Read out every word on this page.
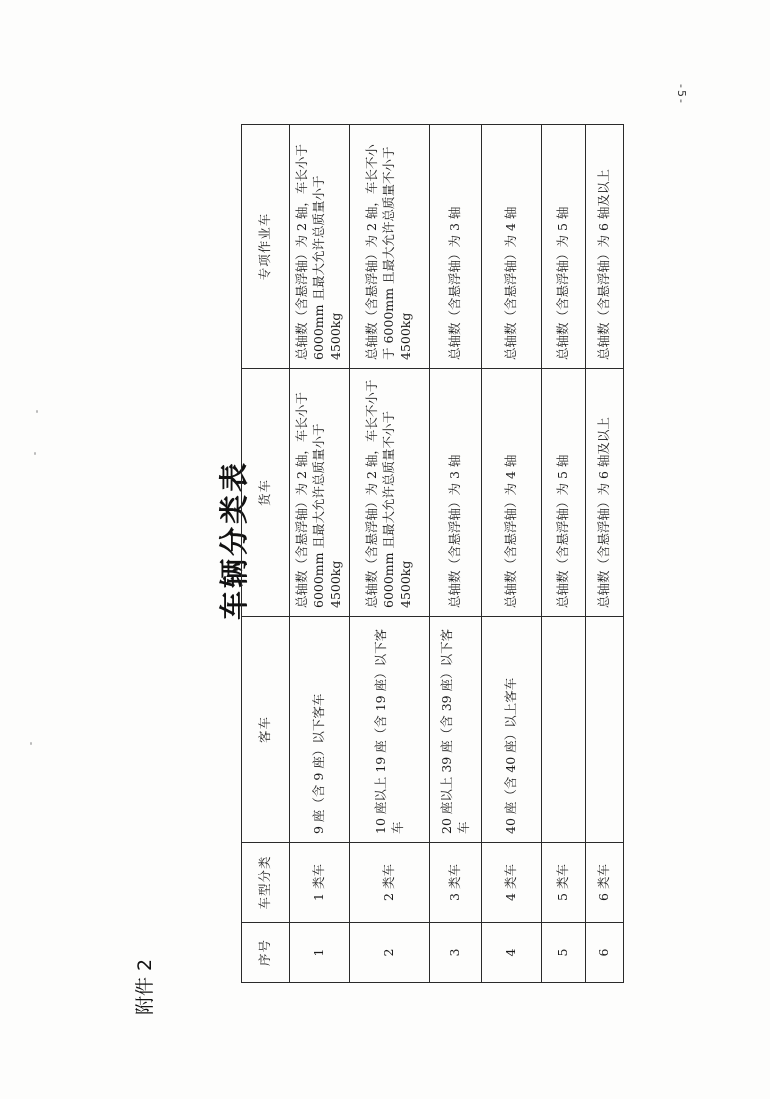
-5-
附件 2
车辆分类表
序号	车型分类	客车	货车	专项作业车
1	1 类车	9 座（含 9 座）以下客车	总轴数（含悬浮轴）为 2 轴，车长小于 6000mm 且最大允许总质量小于 4500kg	总轴数（含悬浮轴）为 2 轴，车长小于 6000mm 且最大允许总质量小于 4500kg
2	2 类车	10 座以上 19 座（含 19 座）以下客车	总轴数（含悬浮轴）为 2 轴，车长不小于 6000mm 且最大允许总质量不小于 4500kg	总轴数（含悬浮轴）为 2 轴，车长不小于 6000mm 且最大允许总质量不小于 4500kg
3	3 类车	20 座以上 39 座（含 39 座）以下客车	总轴数（含悬浮轴）为 3 轴	总轴数（含悬浮轴）为 3 轴
4	4 类车	40 座（含 40 座）以上客车	总轴数（含悬浮轴）为 4 轴	总轴数（含悬浮轴）为 4 轴
5	5 类车		总轴数（含悬浮轴）为 5 轴	总轴数（含悬浮轴）为 5 轴
6	6 类车		总轴数（含悬浮轴）为 6 轴及以上	总轴数（含悬浮轴）为 6 轴及以上
